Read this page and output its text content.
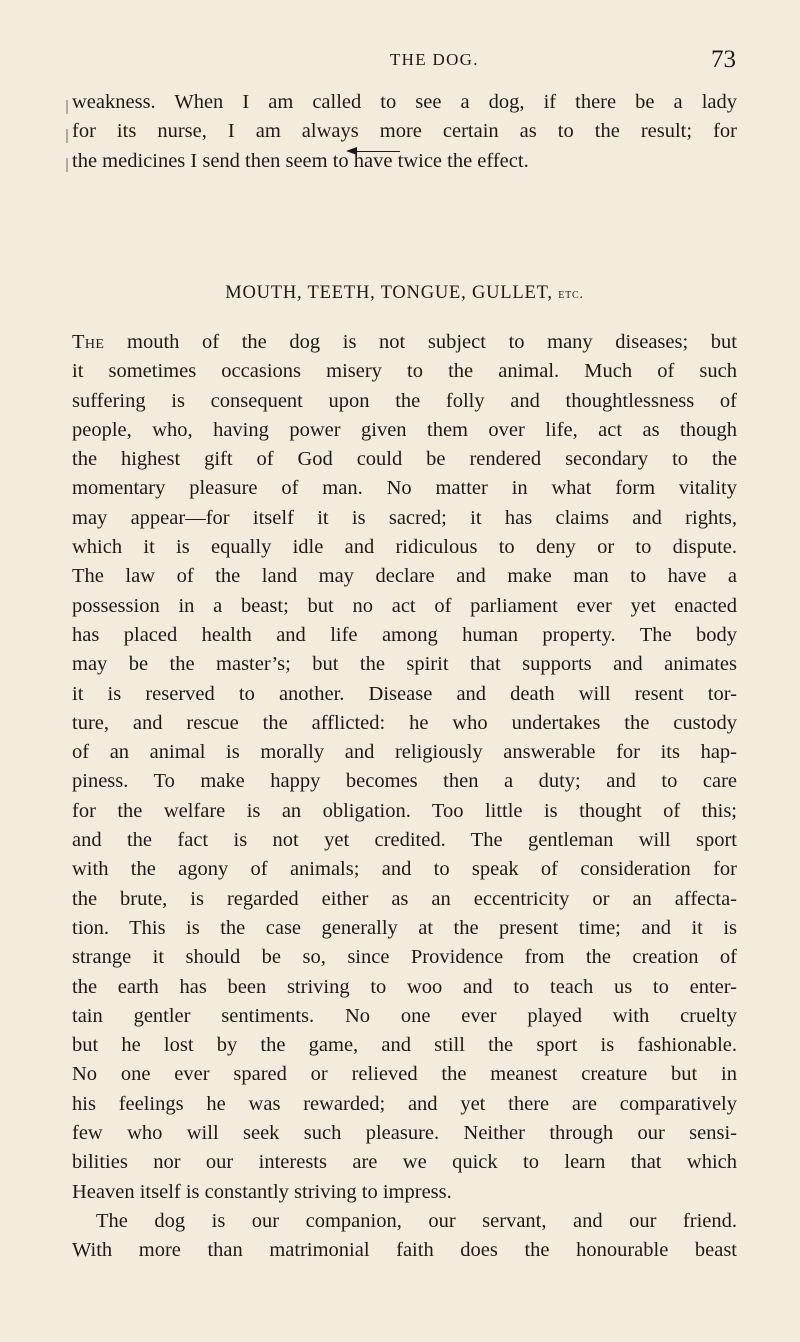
THE DOG.	73
weakness. When I am called to see a dog, if there be a lady
for its nurse, I am always more certain as to the result; for
the medicines I send then seem to have twice the effect.
MOUTH, TEETH, TONGUE, GULLET, etc.
The mouth of the dog is not subject to many diseases; but
it sometimes occasions misery to the animal. Much of such
suffering is consequent upon the folly and thoughtlessness of
people, who, having power given them over life, act as though
the highest gift of God could be rendered secondary to the
momentary pleasure of man. No matter in what form vitality
may appear—for itself it is sacred; it has claims and rights,
which it is equally idle and ridiculous to deny or to dispute.
The law of the land may declare and make man to have a
possession in a beast; but no act of parliament ever yet enacted
has placed health and life among human property. The body
may be the master’s; but the spirit that supports and animates
it is reserved to another. Disease and death will resent tor-
ture, and rescue the afflicted: he who undertakes the custody
of an animal is morally and religiously answerable for its hap-
piness. To make happy becomes then a duty; and to care
for the welfare is an obligation. Too little is thought of this;
and the fact is not yet credited. The gentleman will sport
with the agony of animals; and to speak of consideration for
the brute, is regarded either as an eccentricity or an affecta-
tion. This is the case generally at the present time; and it is
strange it should be so, since Providence from the creation of
the earth has been striving to woo and to teach us to enter-
tain gentler sentiments. No one ever played with cruelty
but he lost by the game, and still the sport is fashionable.
No one ever spared or relieved the meanest creature but in
his feelings he was rewarded; and yet there are comparatively
few who will seek such pleasure. Neither through our sensi-
bilities nor our interests are we quick to learn that which
Heaven itself is constantly striving to impress.
The dog is our companion, our servant, and our friend.
With more than matrimonial faith does the honourable beast
